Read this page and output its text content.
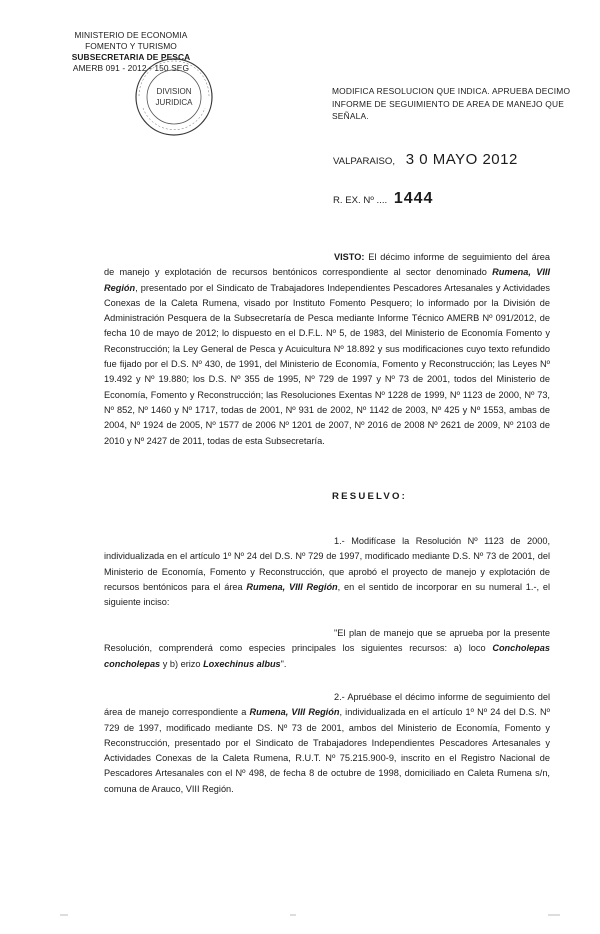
MINISTERIO DE ECONOMIA
FOMENTO Y TURISMO
SUBSECRETARIA DE PESCA
AMERB 091 - 2012 - 150 SEG
DIVISION
JURIDICA
MODIFICA RESOLUCION QUE INDICA. APRUEBA DECIMO INFORME DE SEGUIMIENTO DE AREA DE MANEJO QUE SEÑALA.
VALPARAISO, 3 0 MAYO 2012
R. EX. Nº .... 1444

VISTO: El décimo informe de seguimiento del área de manejo y explotación de recursos bentónicos correspondiente al sector denominado Rumena, VIII Región, presentado por el Sindicato de Trabajadores Independientes Pescadores Artesanales y Actividades Conexas de la Caleta Rumena, visado por Instituto Fomento Pesquero; lo informado por la División de Administración Pesquera de la Subsecretaría de Pesca mediante Informe Técnico AMERB Nº 091/2012, de fecha 10 de mayo de 2012; lo dispuesto en el D.F.L. Nº 5, de 1983, del Ministerio de Economía Fomento y Reconstrucción; la Ley General de Pesca y Acuicultura Nº 18.892 y sus modificaciones cuyo texto refundido fue fijado por el D.S. Nº 430, de 1991, del Ministerio de Economía, Fomento y Reconstrucción; las Leyes Nº 19.492 y Nº 19.880; los D.S. Nº 355 de 1995, Nº 729 de 1997 y Nº 73 de 2001, todos del Ministerio de Economía, Fomento y Reconstrucción; las Resoluciones Exentas Nº 1228 de 1999, Nº 1123 de 2000, Nº 73, Nº 852, Nº 1460 y Nº 1717, todas de 2001, Nº 931 de 2002, Nº 1142 de 2003, Nº 425 y Nº 1553, ambas de 2004, Nº 1924 de 2005, Nº 1577 de 2006 Nº 1201 de 2007, Nº 2016 de 2008 Nº 2621 de 2009, Nº 2103 de 2010 y Nº 2427 de 2011, todas de esta Subsecretaría.

RESUELVO:

1.- Modifícase la Resolución Nº 1123 de 2000, individualizada en el artículo 1º Nº 24 del D.S. Nº 729 de 1997, modificado mediante D.S. Nº 73 de 2001, del Ministerio de Economía, Fomento y Reconstrucción, que aprobó el proyecto de manejo y explotación de recursos bentónicos para el área Rumena, VIII Región, en el sentido de incorporar en su numeral 1.-, el siguiente inciso:

"El plan de manejo que se aprueba por la presente Resolución, comprenderá como especies principales los siguientes recursos: a) loco Concholepas concholepas y b) erizo Loxechinus albus".

2.- Apruébase el décimo informe de seguimiento del área de manejo correspondiente a Rumena, VIII Región, individualizada en el artículo 1º Nº 24 del D.S. Nº 729 de 1997, modificado mediante DS. Nº 73 de 2001, ambos del Ministerio de Economía, Fomento y Reconstrucción, presentado por el Sindicato de Trabajadores Independientes Pescadores Artesanales y Actividades Conexas de la Caleta Rumena, R.U.T. Nº 75.215.900-9, inscrito en el Registro Nacional de Pescadores Artesanales con el Nº 498, de fecha 8 de octubre de 1998, domiciliado en Caleta Rumena s/n, comuna de Arauco, VIII Región.
